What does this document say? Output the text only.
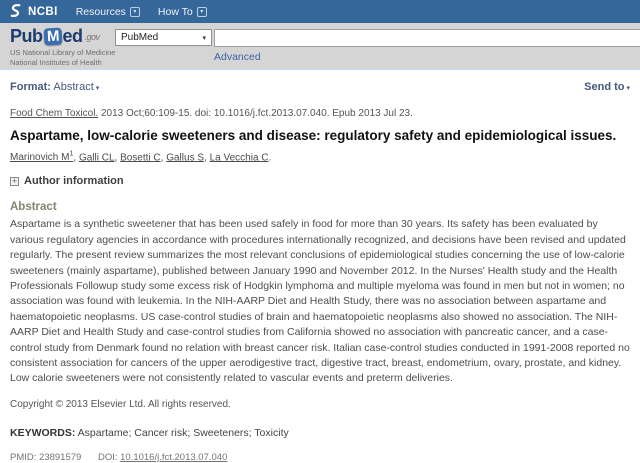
NCBI Resources	▾	How To	▾
Pub M ed .gov
US National Library of Medicine
National Institutes of Health
PubMed	▾
Advanced
Format: Abstract ▾	Send to ▾
Food Chem Toxicol. 2013 Oct;60:109-15. doi: 10.1016/j.fct.2013.07.040. Epub 2013 Jul 23.
Aspartame, low-calorie sweeteners and disease: regulatory safety and epidemiological issues.
Marinovich $M^1$, Galli CL, Bosetti C, Gallus S, La Vecchia C.
+ Author information
Abstract

Aspartame is a synthetic sweetener that has been used safely in food for more than 30 years. Its safety has been evaluated by various regulatory agencies in accordance with procedures internationally recognized, and decisions have been revised and updated regularly. The present review summarizes the most relevant conclusions of epidemiological studies concerning the use of low-calorie sweeteners (mainly aspartame), published between January 1990 and November 2012. In the Nurses' Health study and the Health Professionals Followup study some excess risk of Hodgkin lymphoma and multiple myeloma was found in men but not in women; no association was found with leukemia. In the NIH-AARP Diet and Health Study, there was no association between aspartame and haematopoietic neoplasms. US case-control studies of brain and haematopoietic neoplasms also showed no association. The NIH-AARP Diet and Health Study and case-control studies from California showed no association with pancreatic cancer, and a case-control study from Denmark found no relation with breast cancer risk. Italian case-control studies conducted in 1991-2008 reported no consistent association for cancers of the upper aerodigestive tract, digestive tract, breast, endometrium, ovary, prostate, and kidney. Low calorie sweeteners were not consistently related to vascular events and preterm deliveries.

Copyright © 2013 Elsevier Ltd. All rights reserved.

KEYWORDS: Aspartame; Cancer risk; Sweeteners; Toxicity

PMID: 23891579 DOI: 10.1016/j.fct.2013.07.040
